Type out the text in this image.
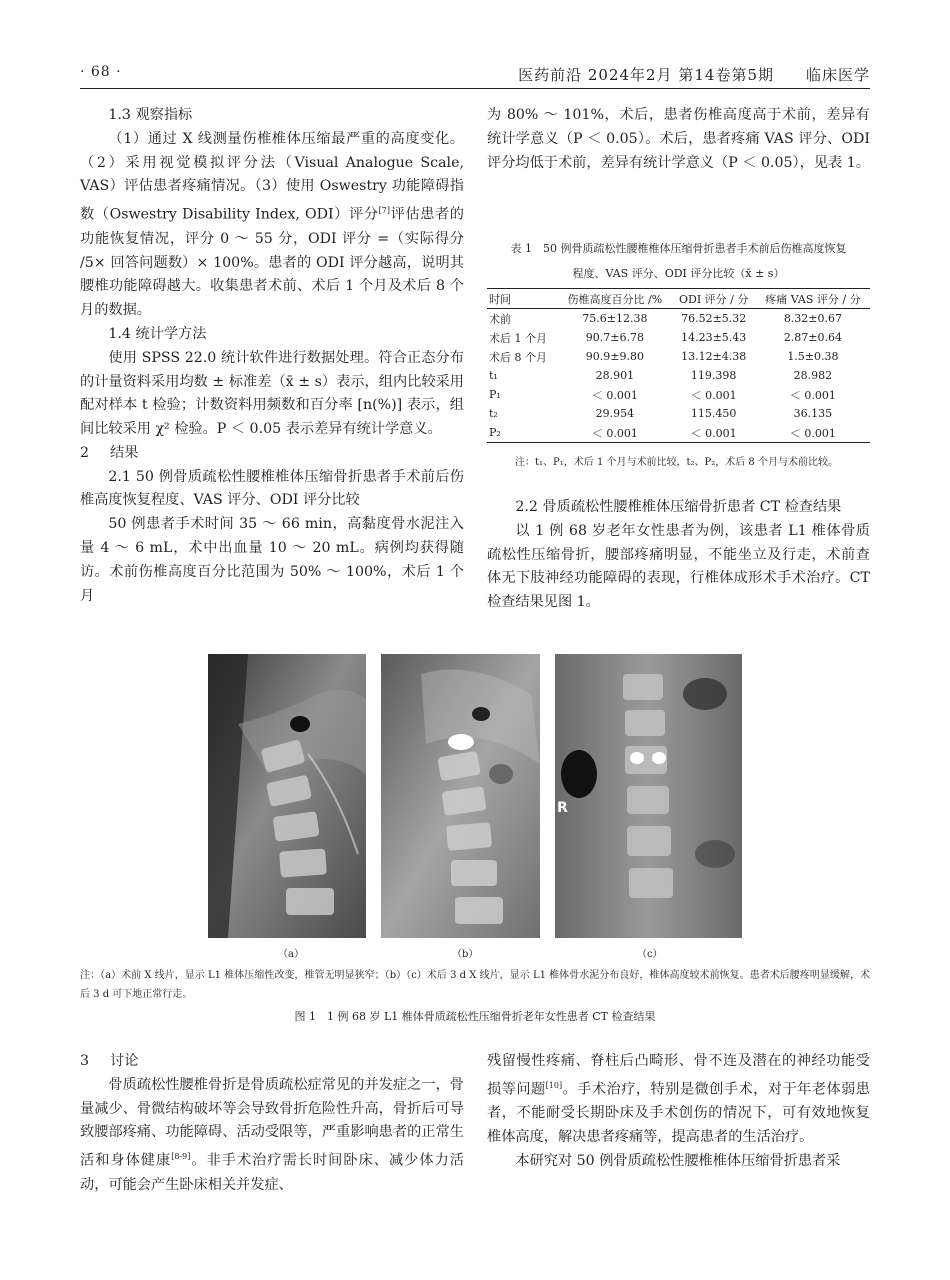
· 68 ·	医药前沿 2024年2月 第14卷第5期　　临床医学

1.3 观察指标

（1）通过 X 线测量伤椎椎体压缩最严重的高度变化。（2）采用视觉模拟评分法（Visual Analogue Scale, VAS）评估患者疼痛情况。（3）使用 Oswestry 功能障碍指数（Oswestry Disability Index, ODI）评分[7]评估患者的功能恢复情况，评分 0 ～ 55 分，ODI 评分 =（实际得分 /5× 回答问题数）× 100%。患者的 ODI 评分越高，说明其腰椎功能障碍越大。收集患者术前、术后 1 个月及术后 8 个月的数据。

1.4 统计学方法

使用 SPSS 22.0 统计软件进行数据处理。符合正态分布的计量资料采用均数 ± 标准差（x̄ ± s）表示，组内比较采用配对样本 t 检验；计数资料用频数和百分率 [n(%)] 表示，组间比较采用 χ² 检验。P ＜ 0.05 表示差异有统计学意义。

2 结果

2.1 50 例骨质疏松性腰椎椎体压缩骨折患者手术前后伤椎高度恢复程度、VAS 评分、ODI 评分比较

50 例患者手术时间 35 ～ 66 min，高黏度骨水泥注入量 4 ～ 6 mL，术中出血量 10 ～ 20 mL。病例均获得随访。术前伤椎高度百分比范围为 50% ～ 100%，术后 1 个月

为 80% ～ 101%，术后，患者伤椎高度高于术前，差异有统计学意义（P ＜ 0.05）。术后，患者疼痛 VAS 评分、ODI 评分均低于术前，差异有统计学意义（P ＜ 0.05），见表 1。

表 1　50 例骨质疏松性腰椎椎体压缩骨折患者手术前后伤椎高度恢复
程度、VAS 评分、ODI 评分比较（x̄ ± s）
时间	伤椎高度百分比 /%	ODI 评分 / 分	疼痛 VAS 评分 / 分
术前	75.6±12.38	76.52±5.32	8.32±0.67
术后 1 个月	90.7±6.78	14.23±5.43	2.87±0.64
术后 8 个月	90.9±9.80	13.12±4.38	1.5±0.38
t₁	28.901	119.398	28.982
P₁	＜ 0.001	＜ 0.001	＜ 0.001
t₂	29.954	115.450	36.135
P₂	＜ 0.001	＜ 0.001	＜ 0.001
注：t₁、P₁，术后 1 个月与术前比较，t₂、P₂，术后 8 个月与术前比较。

2.2 骨质疏松性腰椎椎体压缩骨折患者 CT 检查结果

以 1 例 68 岁老年女性患者为例，该患者 L1 椎体骨质疏松性压缩骨折，腰部疼痛明显，不能坐立及行走，术前查体无下肢神经功能障碍的表现，行椎体成形术手术治疗。CT 检查结果见图 1。

R
（a）	（b）	（c）
注：（a）术前 X 线片，显示 L1 椎体压缩性改变，椎管无明显狭窄；（b）（c）术后 3 d X 线片，显示 L1 椎体骨水泥分布良好，椎体高度较术前恢复。患者术后腰疼明显缓解，术后 3 d 可下地正常行走。
图 1　1 例 68 岁 L1 椎体骨质疏松性压缩骨折老年女性患者 CT 检查结果

3 讨论

骨质疏松性腰椎骨折是骨质疏松症常见的并发症之一，骨量减少、骨微结构破坏等会导致骨折危险性升高，骨折后可导致腰部疼痛、功能障碍、活动受限等，严重影响患者的正常生活和身体健康[8-9]。非手术治疗需长时间卧床、减少体力活动，可能会产生卧床相关并发症、

残留慢性疼痛、脊柱后凸畸形、骨不连及潜在的神经功能受损等问题[10]。手术治疗，特别是微创手术，对于年老体弱患者，不能耐受长期卧床及手术创伤的情况下，可有效地恢复椎体高度，解决患者疼痛等，提高患者的生活治疗。

本研究对 50 例骨质疏松性腰椎椎体压缩骨折患者采
